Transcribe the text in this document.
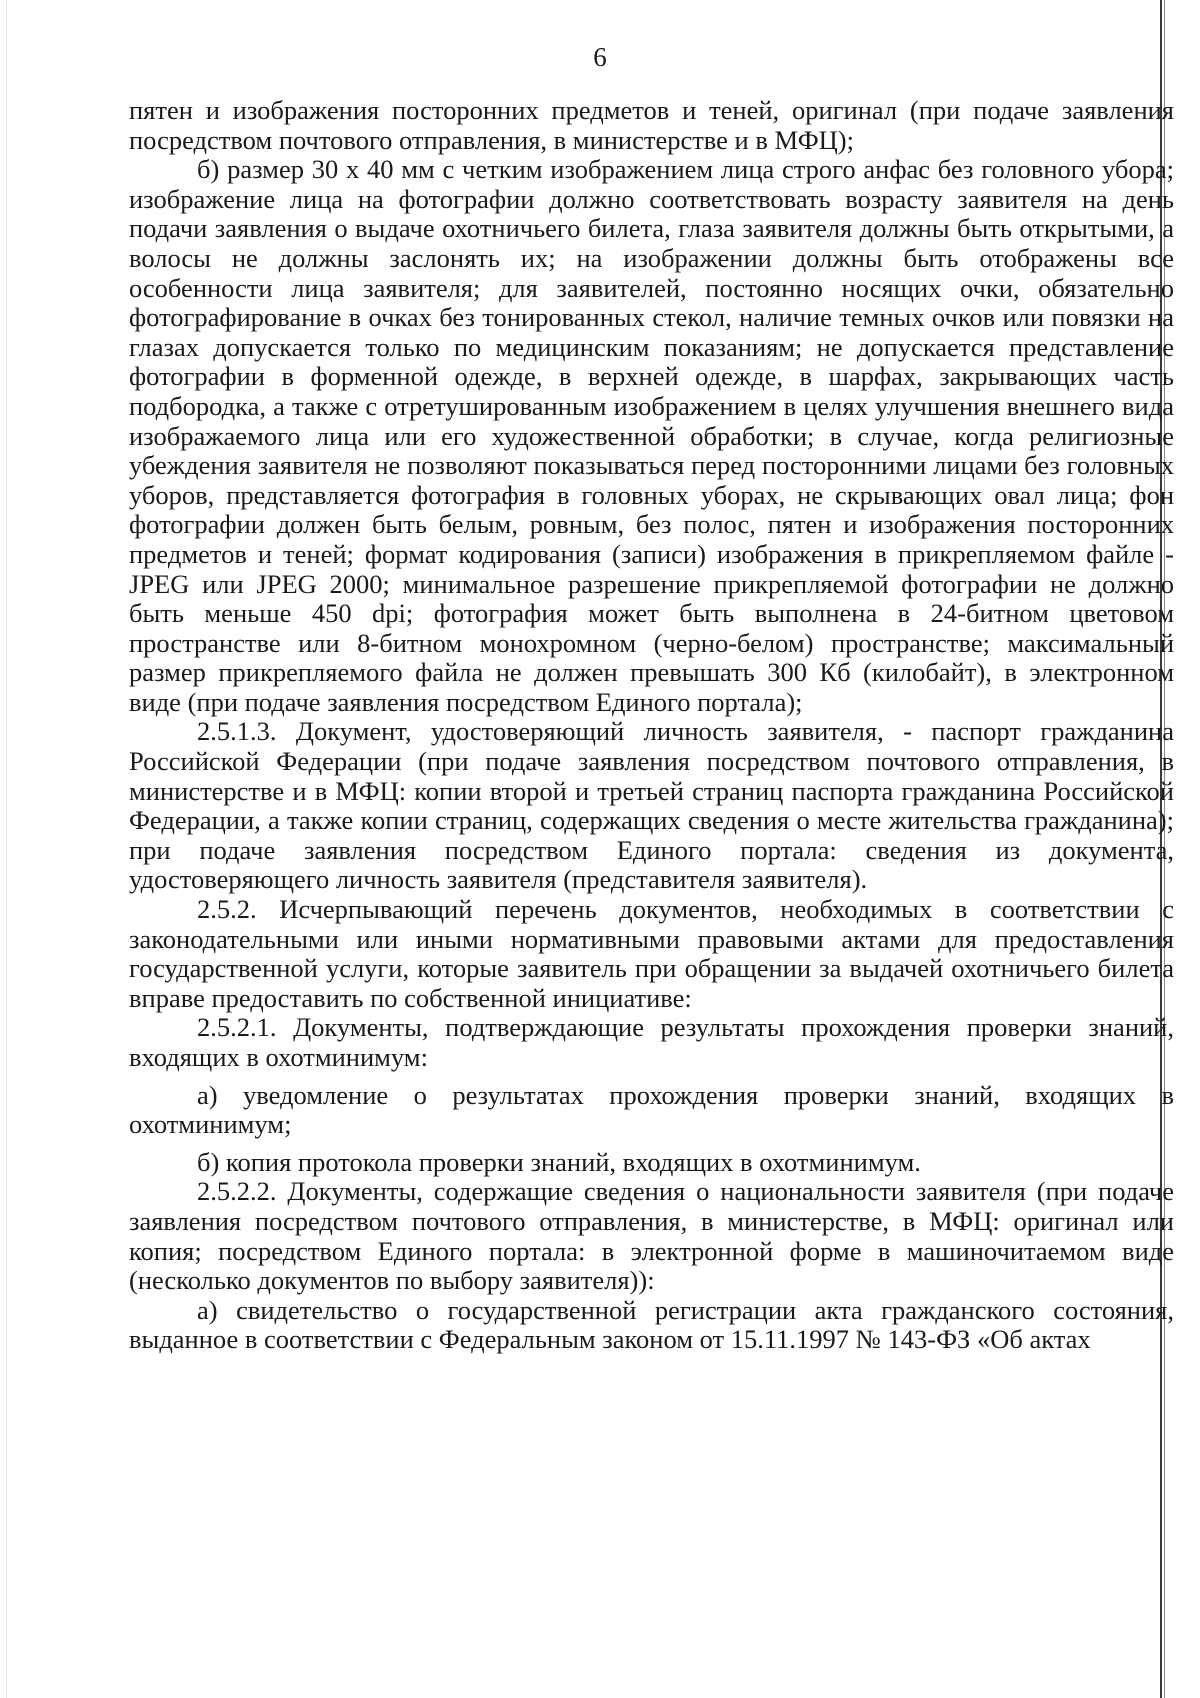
6

пятен и изображения посторонних предметов и теней, оригинал (при подаче заявления посредством почтового отправления, в министерстве и в МФЦ);

б) размер 30 х 40 мм с четким изображением лица строго анфас без головного убора; изображение лица на фотографии должно соответствовать возрасту заявителя на день подачи заявления о выдаче охотничьего билета, глаза заявителя должны быть открытыми, а волосы не должны заслонять их; на изображении должны быть отображены все особенности лица заявителя; для заявителей, постоянно носящих очки, обязательно фотографирование в очках без тонированных стекол, наличие темных очков или повязки на глазах допускается только по медицинским показаниям; не допускается представление фотографии в форменной одежде, в верхней одежде, в шарфах, закрывающих часть подбородка, а также с отретушированным изображением в целях улучшения внешнего вида изображаемого лица или его художественной обработки; в случае, когда религиозные убеждения заявителя не позволяют показываться перед посторонними лицами без головных уборов, представляется фотография в головных уборах, не скрывающих овал лица; фон фотографии должен быть белым, ровным, без полос, пятен и изображения посторонних предметов и теней; формат кодирования (записи) изображения в прикрепляемом файле - JPEG или JPEG 2000; минимальное разрешение прикрепляемой фотографии не должно быть меньше 450 dpi; фотография может быть выполнена в 24-битном цветовом пространстве или 8-битном монохромном (черно-белом) пространстве; максимальный размер прикрепляемого файла не должен превышать 300 Кб (килобайт), в электронном виде (при подаче заявления посредством Единого портала);

2.5.1.3. Документ, удостоверяющий личность заявителя, - паспорт гражданина Российской Федерации (при подаче заявления посредством почтового отправления, в министерстве и в МФЦ: копии второй и третьей страниц паспорта гражданина Российской Федерации, а также копии страниц, содержащих сведения о месте жительства гражданина); при подаче заявления посредством Единого портала: сведения из документа, удостоверяющего личность заявителя (представителя заявителя).

2.5.2. Исчерпывающий перечень документов, необходимых в соответствии с законодательными или иными нормативными правовыми актами для предоставления государственной услуги, которые заявитель при обращении за выдачей охотничьего билета вправе предоставить по собственной инициативе:

2.5.2.1. Документы, подтверждающие результаты прохождения проверки знаний, входящих в охотминимум:

а) уведомление о результатах прохождения проверки знаний, входящих в охотминимум;

б) копия протокола проверки знаний, входящих в охотминимум.

2.5.2.2. Документы, содержащие сведения о национальности заявителя (при подаче заявления посредством почтового отправления, в министерстве, в МФЦ: оригинал или копия; посредством Единого портала: в электронной форме в машиночитаемом виде (несколько документов по выбору заявителя)):

а) свидетельство о государственной регистрации акта гражданского состояния, выданное в соответствии с Федеральным законом от 15.11.1997 № 143-ФЗ «Об актах
